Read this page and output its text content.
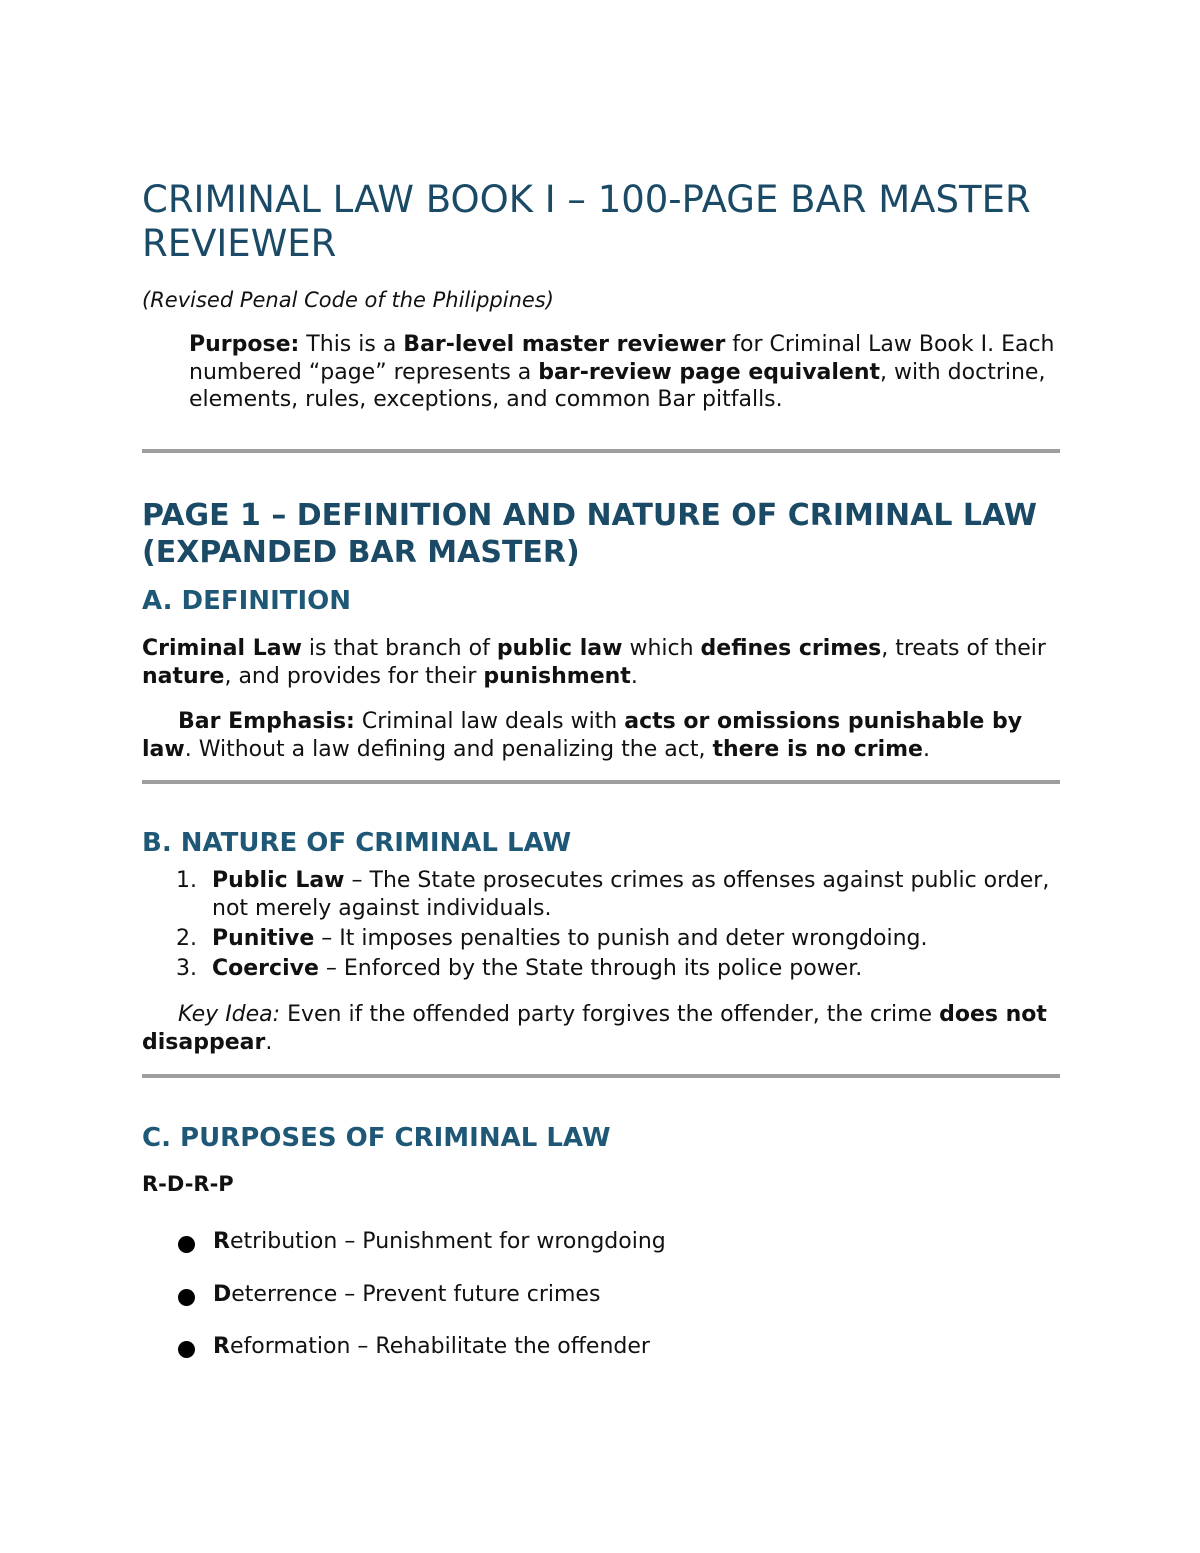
CRIMINAL LAW BOOK I – 100-PAGE BAR MASTER REVIEWER

(Revised Penal Code of the Philippines)

Purpose: This is a Bar-level master reviewer for Criminal Law Book I. Each numbered “page” represents a bar-review page equivalent, with doctrine, elements, rules, exceptions, and common Bar pitfalls.

PAGE 1 – DEFINITION AND NATURE OF CRIMINAL LAW (EXPANDED BAR MASTER)
A. DEFINITION

Criminal Law is that branch of public law which defines crimes, treats of their nature, and provides for their punishment.

Bar Emphasis: Criminal law deals with acts or omissions punishable by law. Without a law defining and penalizing the act, there is no crime.

B. NATURE OF CRIMINAL LAW
1. Public Law – The State prosecutes crimes as offenses against public order, not merely against individuals.
2. Punitive – It imposes penalties to punish and deter wrongdoing.
3. Coercive – Enforced by the State through its police power.

Key Idea: Even if the offended party forgives the offender, the crime does not disappear.

C. PURPOSES OF CRIMINAL LAW

R-D-R-P

Retribution – Punishment for wrongdoing
Deterrence – Prevent future crimes
Reformation – Rehabilitate the offender
